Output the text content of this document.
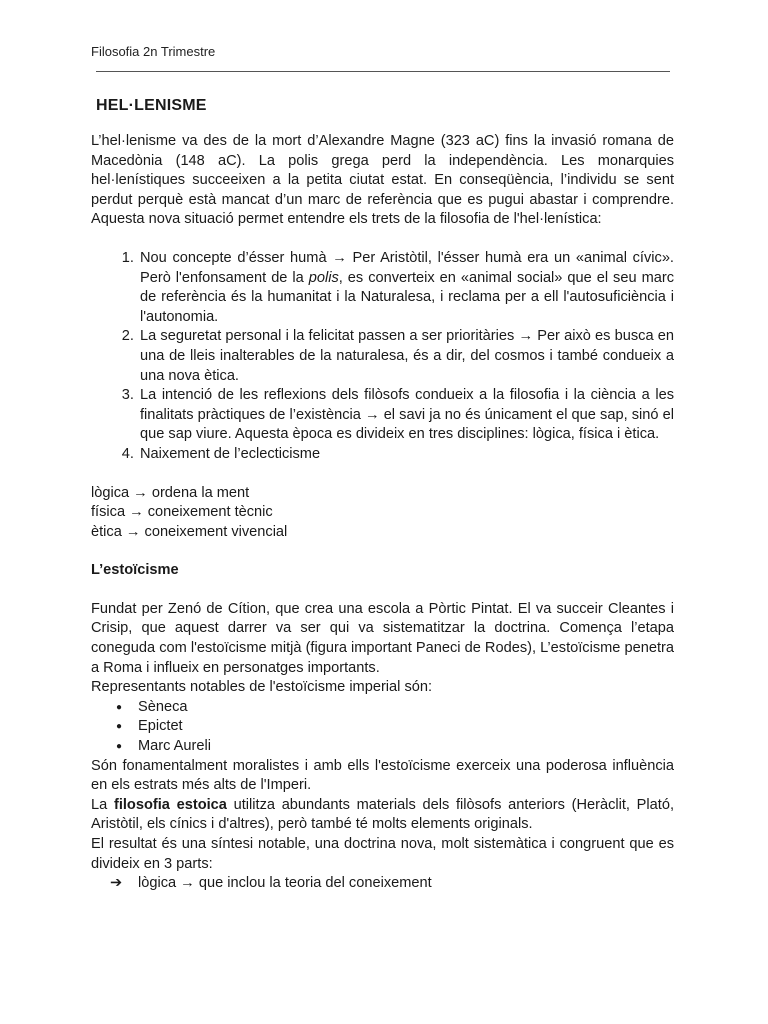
Filosofia 2n Trimestre
HEL·LENISME

L’hel·lenisme va des de la mort d’Alexandre Magne (323 aC) fins la invasió romana de Macedònia (148 aC). La polis grega perd la independència. Les monarquies hel·lenístiques succeeixen a la petita ciutat estat. En conseqüència, l’individu se sent perdut perquè està mancat d’un marc de referència que es pugui abastar i comprendre. Aquesta nova situació permet entendre els trets de la filosofia de l'hel·lenística:

1. Nou concepte d’ésser humà → Per Aristòtil, l'ésser humà era un «animal cívic». Però l'enfonsament de la polis, es converteix en «animal social» que el seu marc de referència és la humanitat i la Naturalesa, i reclama per a ell l'autosuficiència i l'autonomia.
2. La seguretat personal i la felicitat passen a ser prioritàries → Per això es busca en una de lleis inalterables de la naturalesa, és a dir, del cosmos i també condueix a una nova ètica.
3. La intenció de les reflexions dels filòsofs condueix a la filosofia i la ciència a les finalitats pràctiques de l’existència → el savi ja no és únicament el que sap, sinó el que sap viure. Aquesta època es divideix en tres disciplines: lògica, física i ètica.
4. Naixement de l’eclecticisme
lògica → ordena la ment
física → coneixement tècnic
ètica → coneixement vivencial
L’estoïcisme

Fundat per Zenó de Cítion, que crea una escola a Pòrtic Pintat. El va succeir Cleantes i Crisip, que aquest darrer va ser qui va sistematitzar la doctrina. Comença l’etapa coneguda com l'estoïcisme mitjà (figura important Paneci de Rodes), L’estoïcisme penetra a Roma i influeix en personatges importants.

Representants notables de l'estoïcisme imperial són:

● Sèneca
● Epictet
● Marc Aureli

Són fonamentalment moralistes i amb ells l'estoïcisme exerceix una poderosa influència en els estrats més alts de l'Imperi.

La filosofia estoica utilitza abundants materials dels filòsofs anteriors (Heràclit, Plató, Aristòtil, els cínics i d'altres), però també té molts elements originals.

El resultat és una síntesi notable, una doctrina nova, molt sistemàtica i congruent que es divideix en 3 parts:

➔ lògica → que inclou la teoria del coneixement
